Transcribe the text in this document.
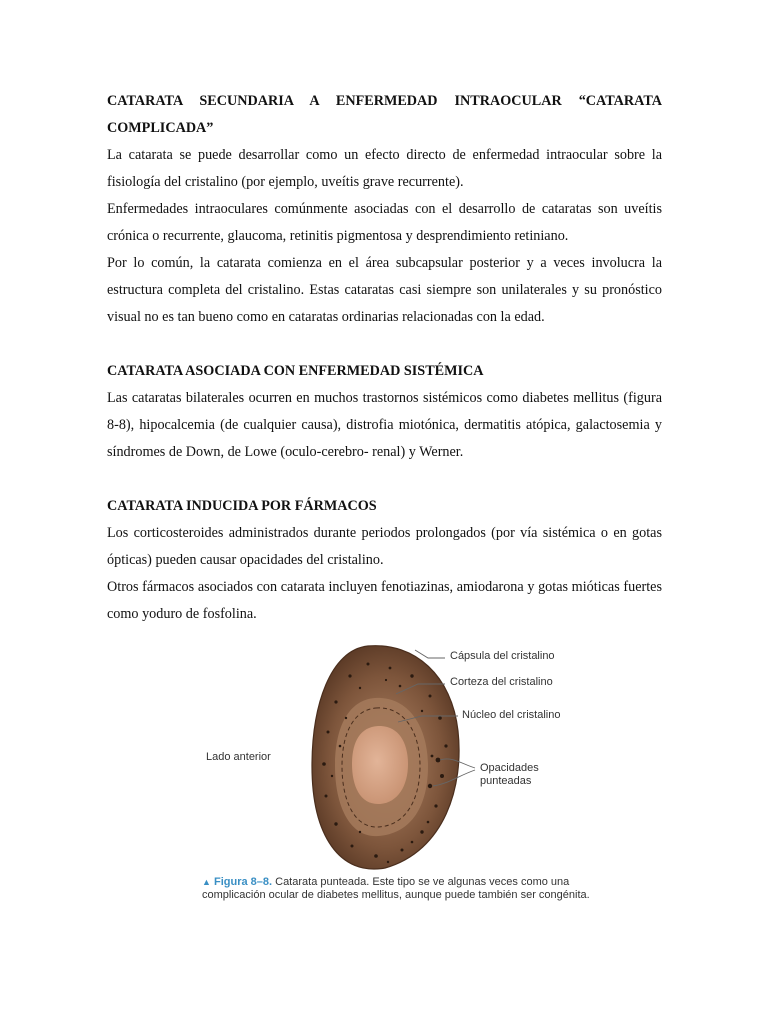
CATARATA SECUNDARIA A ENFERMEDAD INTRAOCULAR “CATARATA COMPLICADA”

La catarata se puede desarrollar como un efecto directo de enfermedad intraocular sobre la fisiología del cristalino (por ejemplo, uveítis grave recurrente).

Enfermedades intraoculares comúnmente asociadas con el desarrollo de cataratas son uveítis crónica o recurrente, glaucoma, retinitis pigmentosa y desprendimiento retiniano.

Por lo común, la catarata comienza en el área subcapsular posterior y a veces involucra la estructura completa del cristalino. Estas cataratas casi siempre son unilaterales y su pronóstico visual no es tan bueno como en cataratas ordinarias relacionadas con la edad.

CATARATA ASOCIADA CON ENFERMEDAD SISTÉMICA

Las cataratas bilaterales ocurren en muchos trastornos sistémicos como diabetes mellitus (figura 8-8), hipocalcemia (de cualquier causa), distrofia miotónica, dermatitis atópica, galactosemia y síndromes de Down, de Lowe (oculo-cerebro- renal) y Werner.

CATARATA INDUCIDA POR FÁRMACOS

Los corticosteroides administrados durante periodos prolongados (por vía sistémica o en gotas ópticas) pueden causar opacidades del cristalino.

Otros fármacos asociados con catarata incluyen fenotiazinas, amiodarona y gotas mióticas fuertes como yoduro de fosfolina.

Cápsula del cristalino
Corteza del cristalino
Núcleo del cristalino
Lado anterior
Opacidades
punteadas
▲ Figura 8–8. Catarata punteada. Este tipo se ve algunas veces como una complicación ocular de diabetes mellitus, aunque puede también ser congénita.
